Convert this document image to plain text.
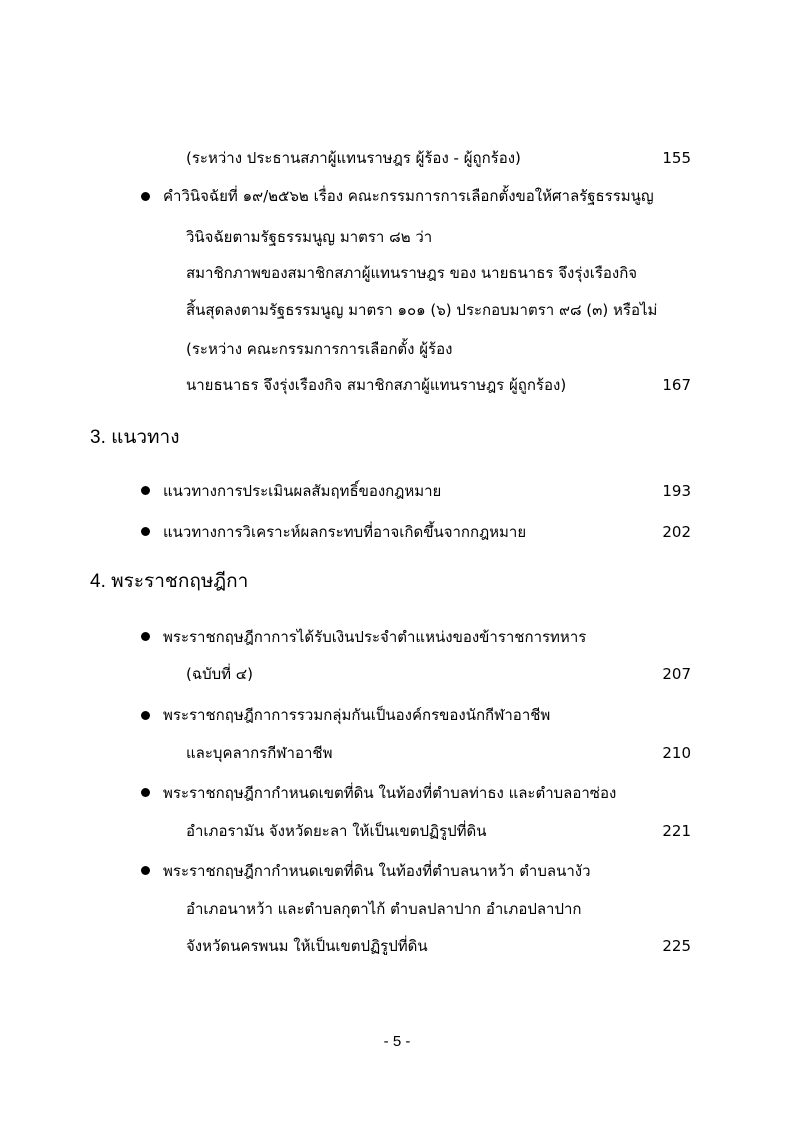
(ระหว่าง ประธานสภาผู้แทนราษฎร ผู้ร้อง - ผู้ถูกร้อง)	155
คำวินิจฉัยที่ ๑๙/๒๕๖๒ เรื่อง คณะกรรมการการเลือกตั้งขอให้ศาลรัฐธรรมนูญ
วินิจฉัยตามรัฐธรรมนูญ มาตรา ๘๒ ว่า
สมาชิกภาพของสมาชิกสภาผู้แทนราษฎร ของ นายธนาธร จึงรุ่งเรืองกิจ
สิ้นสุดลงตามรัฐธรรมนูญ มาตรา ๑๐๑ (๖) ประกอบมาตรา ๙๘ (๓) หรือไม่
(ระหว่าง คณะกรรมการการเลือกตั้ง ผู้ร้อง
นายธนาธร จึงรุ่งเรืองกิจ สมาชิกสภาผู้แทนราษฎร ผู้ถูกร้อง)	167
3. แนวทาง
แนวทางการประเมินผลสัมฤทธิ์ของกฎหมาย	193
แนวทางการวิเคราะห์ผลกระทบที่อาจเกิดขึ้นจากกฎหมาย	202
4. พระราชกฤษฎีกา
พระราชกฤษฎีกาการได้รับเงินประจำตำแหน่งของข้าราชการทหาร
(ฉบับที่ ๔)	207
พระราชกฤษฎีกาการรวมกลุ่มกันเป็นองค์กรของนักกีฬาอาชีพ
และบุคลากรกีฬาอาชีพ	210
พระราชกฤษฎีกากำหนดเขตที่ดิน ในท้องที่ตำบลท่าธง และตำบลอาซ่อง
อำเภอรามัน จังหวัดยะลา ให้เป็นเขตปฏิรูปที่ดิน	221
พระราชกฤษฎีกากำหนดเขตที่ดิน ในท้องที่ตำบลนาหว้า ตำบลนางัว
อำเภอนาหว้า และตำบลกุตาไก้ ตำบลปลาปาก อำเภอปลาปาก
จังหวัดนครพนม ให้เป็นเขตปฏิรูปที่ดิน	225
- 5 -
